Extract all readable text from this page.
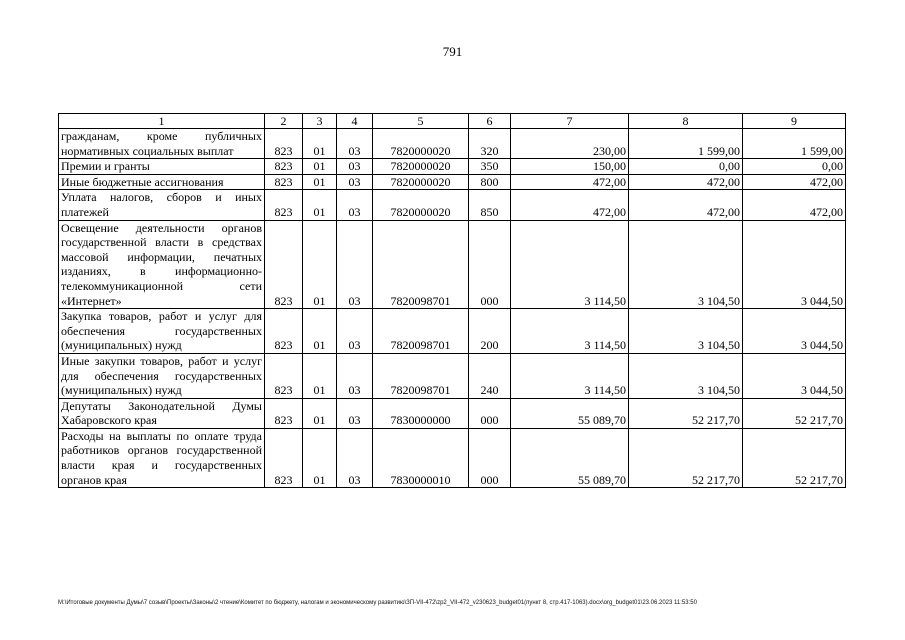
791
1	2	3	4	5	6	7	8	9
гражданам, кроме публичных нормативных социальных выплат	823	01	03	7820000020	320	230,00	1 599,00	1 599,00
Премии и гранты	823	01	03	7820000020	350	150,00	0,00	0,00
Иные бюджетные ассигнования	823	01	03	7820000020	800	472,00	472,00	472,00
Уплата налогов, сборов и иных платежей	823	01	03	7820000020	850	472,00	472,00	472,00
Освещение деятельности органов государственной власти в средствах массовой информации, печатных изданиях, в информационно-телекоммуникационной сети «Интернет»	823	01	03	7820098701	000	3 114,50	3 104,50	3 044,50
Закупка товаров, работ и услуг для обеспечения государственных (муниципальных) нужд	823	01	03	7820098701	200	3 114,50	3 104,50	3 044,50
Иные закупки товаров, работ и услуг для обеспечения государственных (муниципальных) нужд	823	01	03	7820098701	240	3 114,50	3 104,50	3 044,50
Депутаты Законодательной Думы Хабаровского края	823	01	03	7830000000	000	55 089,70	52 217,70	52 217,70
Расходы на выплаты по оплате труда работников органов государственной власти края и государственных органов края	823	01	03	7830000010	000	55 089,70	52 217,70	52 217,70
M:\Итоговые документы Думы\7 созыв\Проекты\Законы\2 чтение\Комитет по бюджету, налогам и экономическому развитию\ЗП-VII-472\zp2_VII-472_v230623_budget01(пункт 8, стр.417-1063).docx\org_budget01\23.06.2023 11:53:50
